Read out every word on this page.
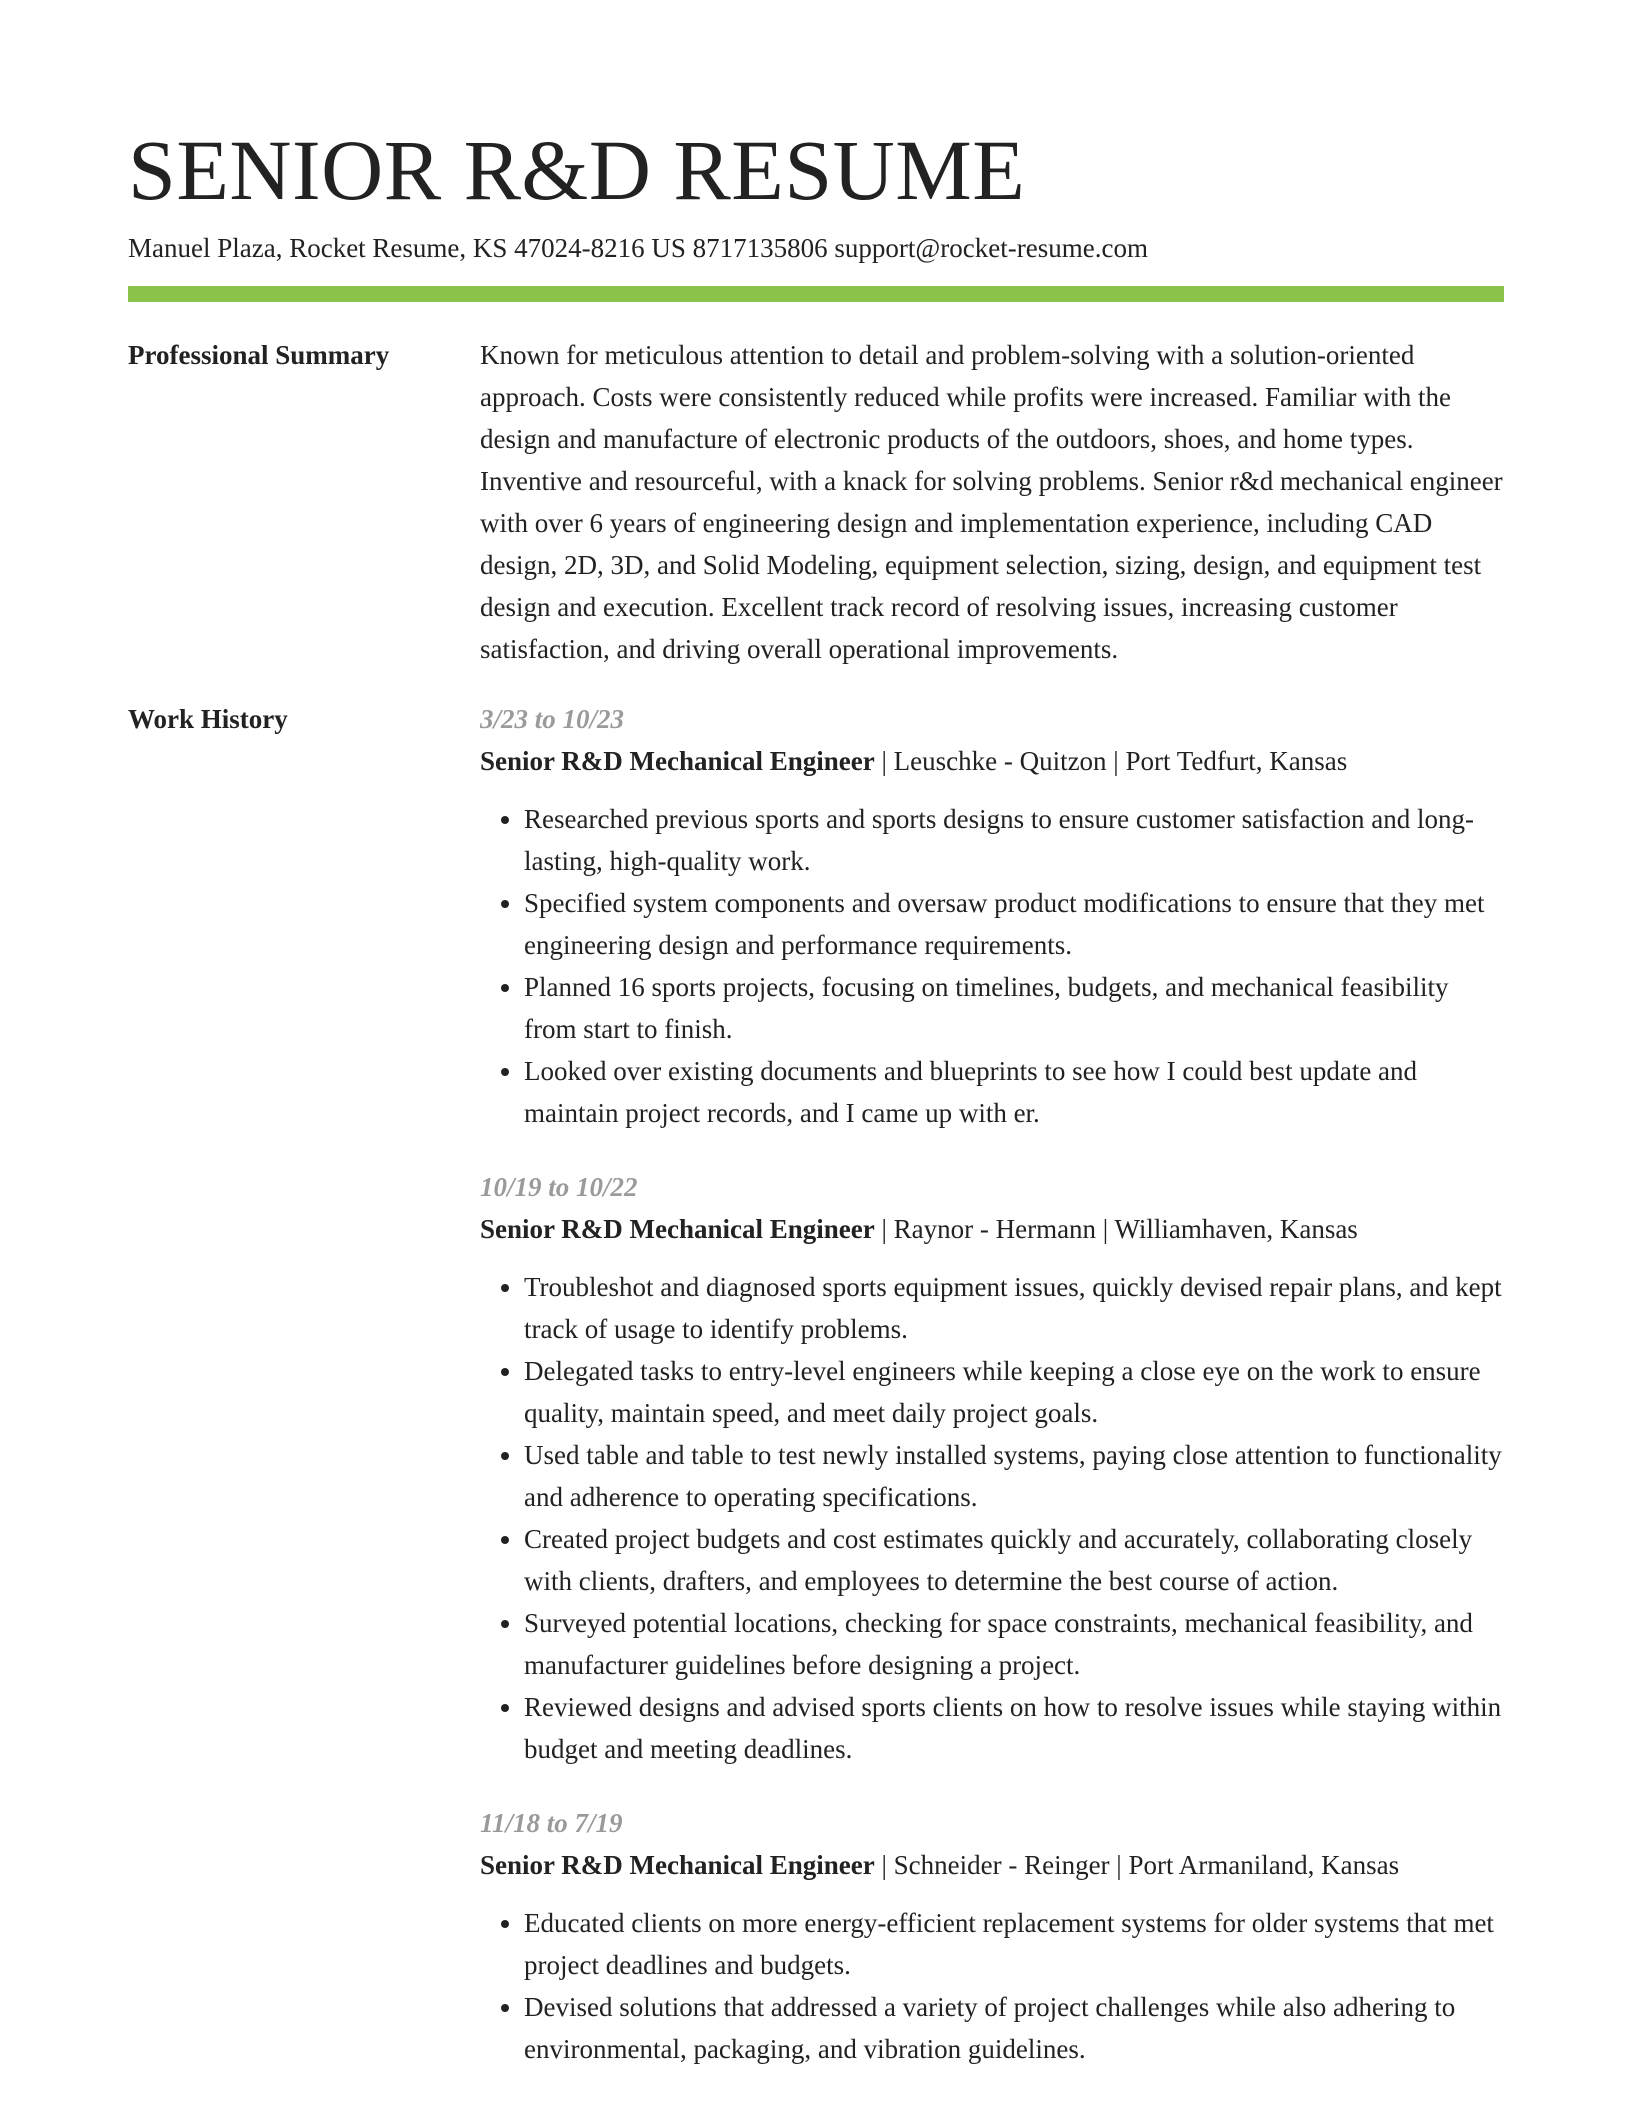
SENIOR R&D RESUME
Manuel Plaza, Rocket Resume, KS 47024-8216 US 8717135806 support@rocket-resume.com
Professional Summary	Known for meticulous attention to detail and problem-solving with a solution-oriented approach. Costs were consistently reduced while profits were increased. Familiar with the design and manufacture of electronic products of the outdoors, shoes, and home types. Inventive and resourceful, with a knack for solving problems. Senior r&d mechanical engineer with over 6 years of engineering design and implementation experience, including CAD design, 2D, 3D, and Solid Modeling, equipment selection, sizing, design, and equipment test design and execution. Excellent track record of resolving issues, increasing customer satisfaction, and driving overall operational improvements.

Work History	3/23 to 10/23
Senior R&D Mechanical Engineer | Leuschke - Quitzon | Port Tedfurt, Kansas
• Researched previous sports and sports designs to ensure customer satisfaction and long-lasting, high-quality work.
• Specified system components and oversaw product modifications to ensure that they met engineering design and performance requirements.
• Planned 16 sports projects, focusing on timelines, budgets, and mechanical feasibility from start to finish.
• Looked over existing documents and blueprints to see how I could best update and maintain project records, and I came up with er.
10/19 to 10/22
Senior R&D Mechanical Engineer | Raynor - Hermann | Williamhaven, Kansas
• Troubleshot and diagnosed sports equipment issues, quickly devised repair plans, and kept track of usage to identify problems.
• Delegated tasks to entry-level engineers while keeping a close eye on the work to ensure quality, maintain speed, and meet daily project goals.
• Used table and table to test newly installed systems, paying close attention to functionality and adherence to operating specifications.
• Created project budgets and cost estimates quickly and accurately, collaborating closely with clients, drafters, and employees to determine the best course of action.
• Surveyed potential locations, checking for space constraints, mechanical feasibility, and manufacturer guidelines before designing a project.
• Reviewed designs and advised sports clients on how to resolve issues while staying within budget and meeting deadlines.
11/18 to 7/19
Senior R&D Mechanical Engineer | Schneider - Reinger | Port Armaniland, Kansas
• Educated clients on more energy-efficient replacement systems for older systems that met project deadlines and budgets.
• Devised solutions that addressed a variety of project challenges while also adhering to environmental, packaging, and vibration guidelines.
